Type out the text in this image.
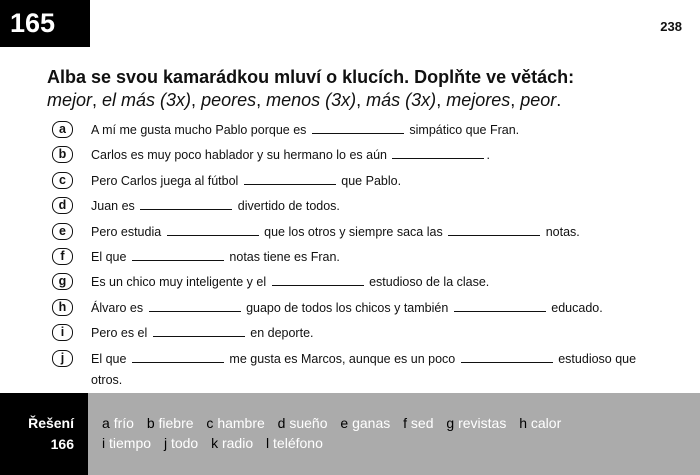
165	238
Alba se svou kamarádkou mluví o klucích. Doplňte ve větách:
mejor, el más (3x), peores, menos (3x), más (3x), mejores, peor.
a	A mí me gusta mucho Pablo porque es	simpático que Fran.
b	Carlos es muy poco hablador y su hermano lo es aún	.
c	Pero Carlos juega al fútbol	que Pablo.
d	Juan es	divertido de todos.
e	Pero estudia	que los otros y siempre saca las	notas.
f	El que	notas tiene es Fran.
g	Es un chico muy inteligente y el	estudioso de la clase.
h	Álvaro es	guapo de todos los chicos y también	educado.
i	Pero es el	en deporte.
j	El que	me gusta es Marcos, aunque es un poco	estudioso que otros.
Řešení
166
a frío b fiebre c hambre d sueño e ganas f sed g revistas h calor
i tiempo j todo k radio l teléfono
